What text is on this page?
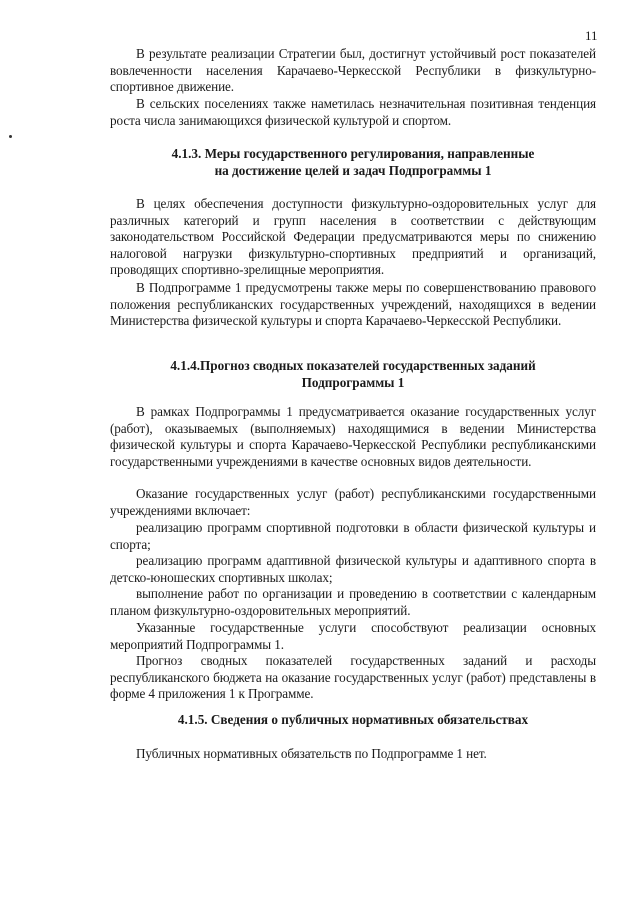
11

В результате реализации Стратегии был, достигнут устойчивый рост показателей вовлеченности населения Карачаево-Черкесской Республики в физкультурно-спортивное движение.

В сельских поселениях также наметилась незначительная позитивная тенденция роста числа занимающихся физической культурой и спортом.

4.1.3. Меры государственного регулирования, направленные

на достижение целей и задач Подпрограммы 1

В целях обеспечения доступности физкультурно-оздоровительных услуг для различных категорий и групп населения в соответствии с действующим законодательством Российской Федерации предусматриваются меры по снижению налоговой нагрузки физкультурно-спортивных предприятий и организаций, проводящих спортивно-зрелищные мероприятия.

В Подпрограмме 1 предусмотрены также меры по совершенствованию правового положения республиканских государственных учреждений, находящихся в ведении Министерства физической культуры и спорта Карачаево-Черкесской Республики.

4.1.4.Прогноз сводных показателей государственных заданий

Подпрограммы 1

В рамках Подпрограммы 1 предусматривается оказание государственных услуг (работ), оказываемых (выполняемых) находящимися в ведении Министерства физической культуры и спорта Карачаево-Черкесской Республики республиканскими государственными учреждениями в качестве основных видов деятельности.

Оказание государственных услуг (работ) республиканскими государственными учреждениями включает:

реализацию программ спортивной подготовки в области физической культуры и спорта;

реализацию программ адаптивной физической культуры и адаптивного спорта в детско-юношеских спортивных школах;

выполнение работ по организации и проведению в соответствии с календарным планом физкультурно-оздоровительных мероприятий.

Указанные государственные услуги способствуют реализации основных мероприятий Подпрограммы 1.

Прогноз сводных показателей государственных заданий и расходы республиканского бюджета на оказание государственных услуг (работ) представлены в форме 4 приложения 1 к Программе.

4.1.5. Сведения о публичных нормативных обязательствах

Публичных нормативных обязательств по Подпрограмме 1 нет.
